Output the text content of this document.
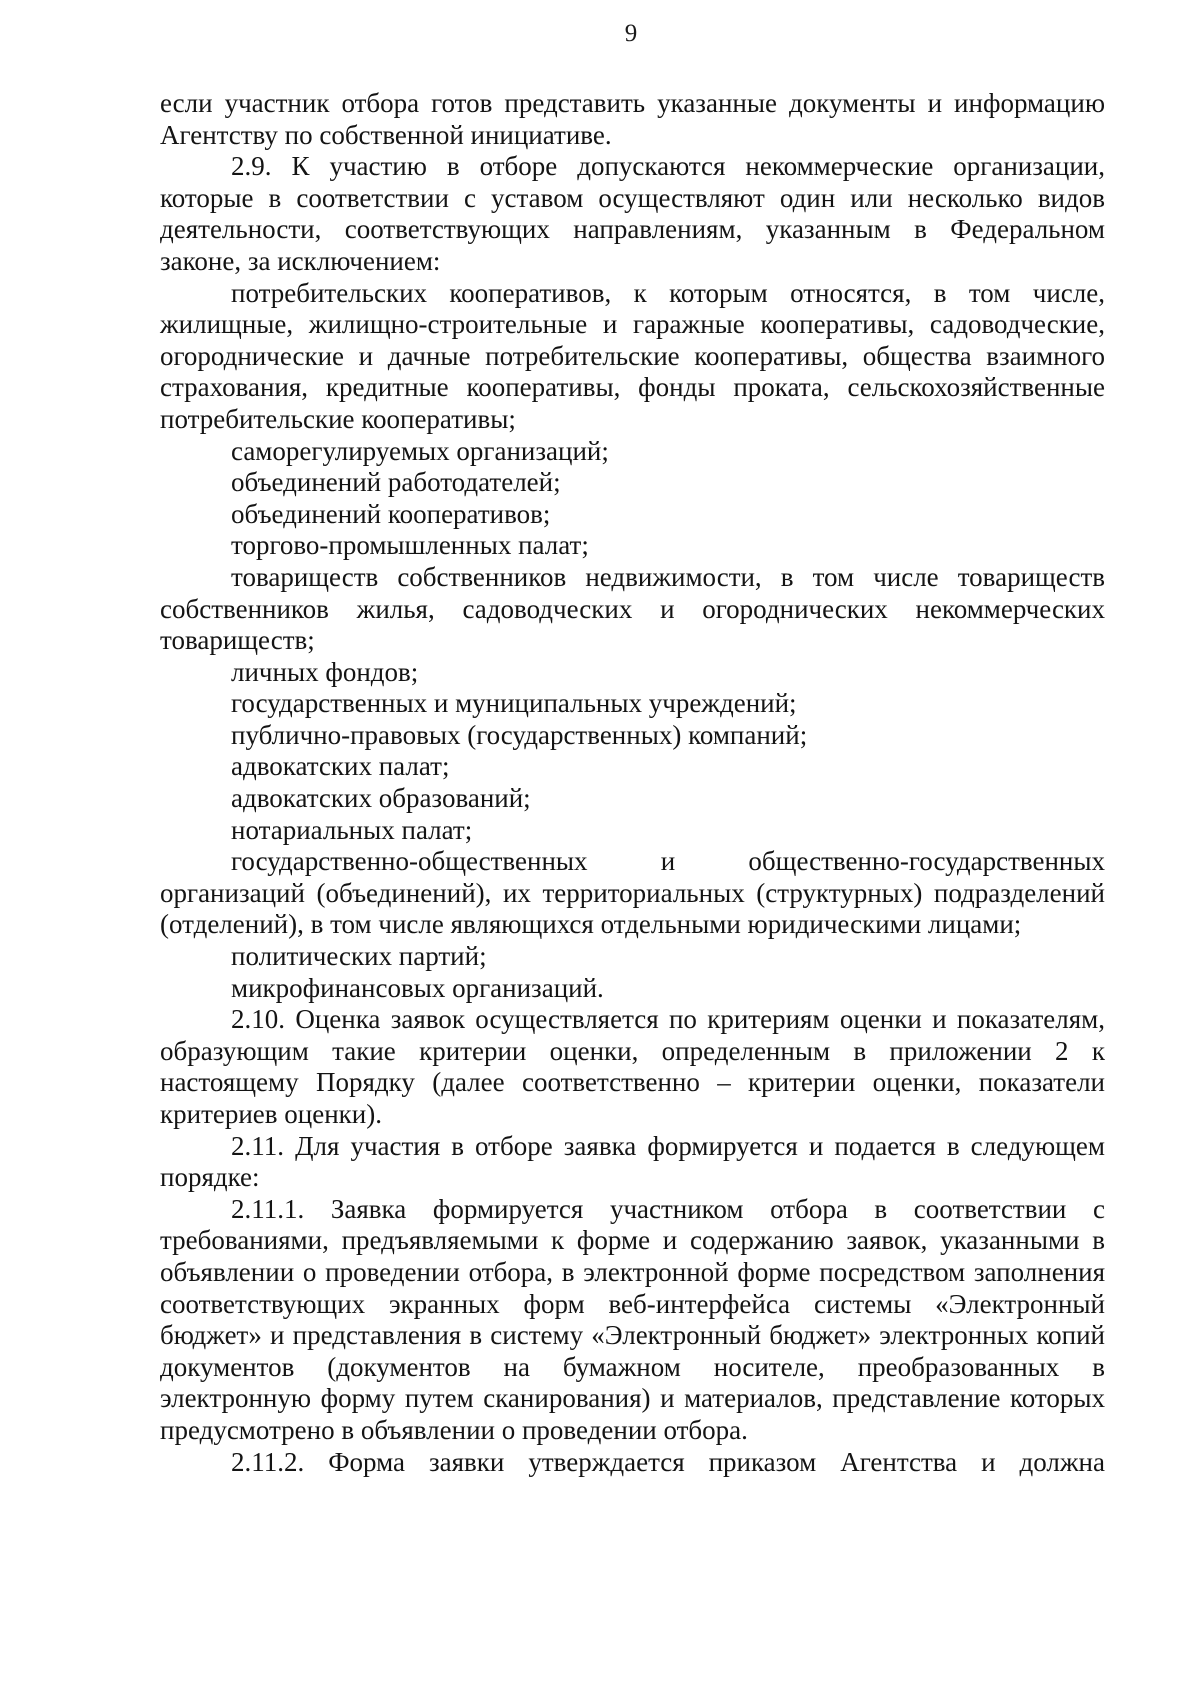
9

если участник отбора готов представить указанные документы и информацию Агентству по собственной инициативе.

2.9. К участию в отборе допускаются некоммерческие организации, которые в соответствии с уставом осуществляют один или несколько видов деятельности, соответствующих направлениям, указанным в Федеральном законе, за исключением:

потребительских кооперативов, к которым относятся, в том числе, жилищные, жилищно-строительные и гаражные кооперативы, садоводческие, огороднические и дачные потребительские кооперативы, общества взаимного страхования, кредитные кооперативы, фонды проката, сельскохозяйственные потребительские кооперативы;

саморегулируемых организаций;

объединений работодателей;

объединений кооперативов;

торгово-промышленных палат;

товариществ собственников недвижимости, в том числе товариществ собственников жилья, садоводческих и огороднических некоммерческих товариществ;

личных фондов;

государственных и муниципальных учреждений;

публично-правовых (государственных) компаний;

адвокатских палат;

адвокатских образований;

нотариальных палат;

государственно-общественных и общественно-государственных организаций (объединений), их территориальных (структурных) подразделений (отделений), в том числе являющихся отдельными юридическими лицами;

политических партий;

микрофинансовых организаций.

2.10. Оценка заявок осуществляется по критериям оценки и показателям, образующим такие критерии оценки, определенным в приложении 2 к настоящему Порядку (далее соответственно – критерии оценки, показатели критериев оценки).

2.11. Для участия в отборе заявка формируется и подается в следующем порядке:

2.11.1. Заявка формируется участником отбора в соответствии с требованиями, предъявляемыми к форме и содержанию заявок, указанными в объявлении о проведении отбора, в электронной форме посредством заполнения соответствующих экранных форм веб-интерфейса системы «Электронный бюджет» и представления в систему «Электронный бюджет» электронных копий документов (документов на бумажном носителе, преобразованных в электронную форму путем сканирования) и материалов, представление которых предусмотрено в объявлении о проведении отбора.

2.11.2. Форма заявки утверждается приказом Агентства и должна
